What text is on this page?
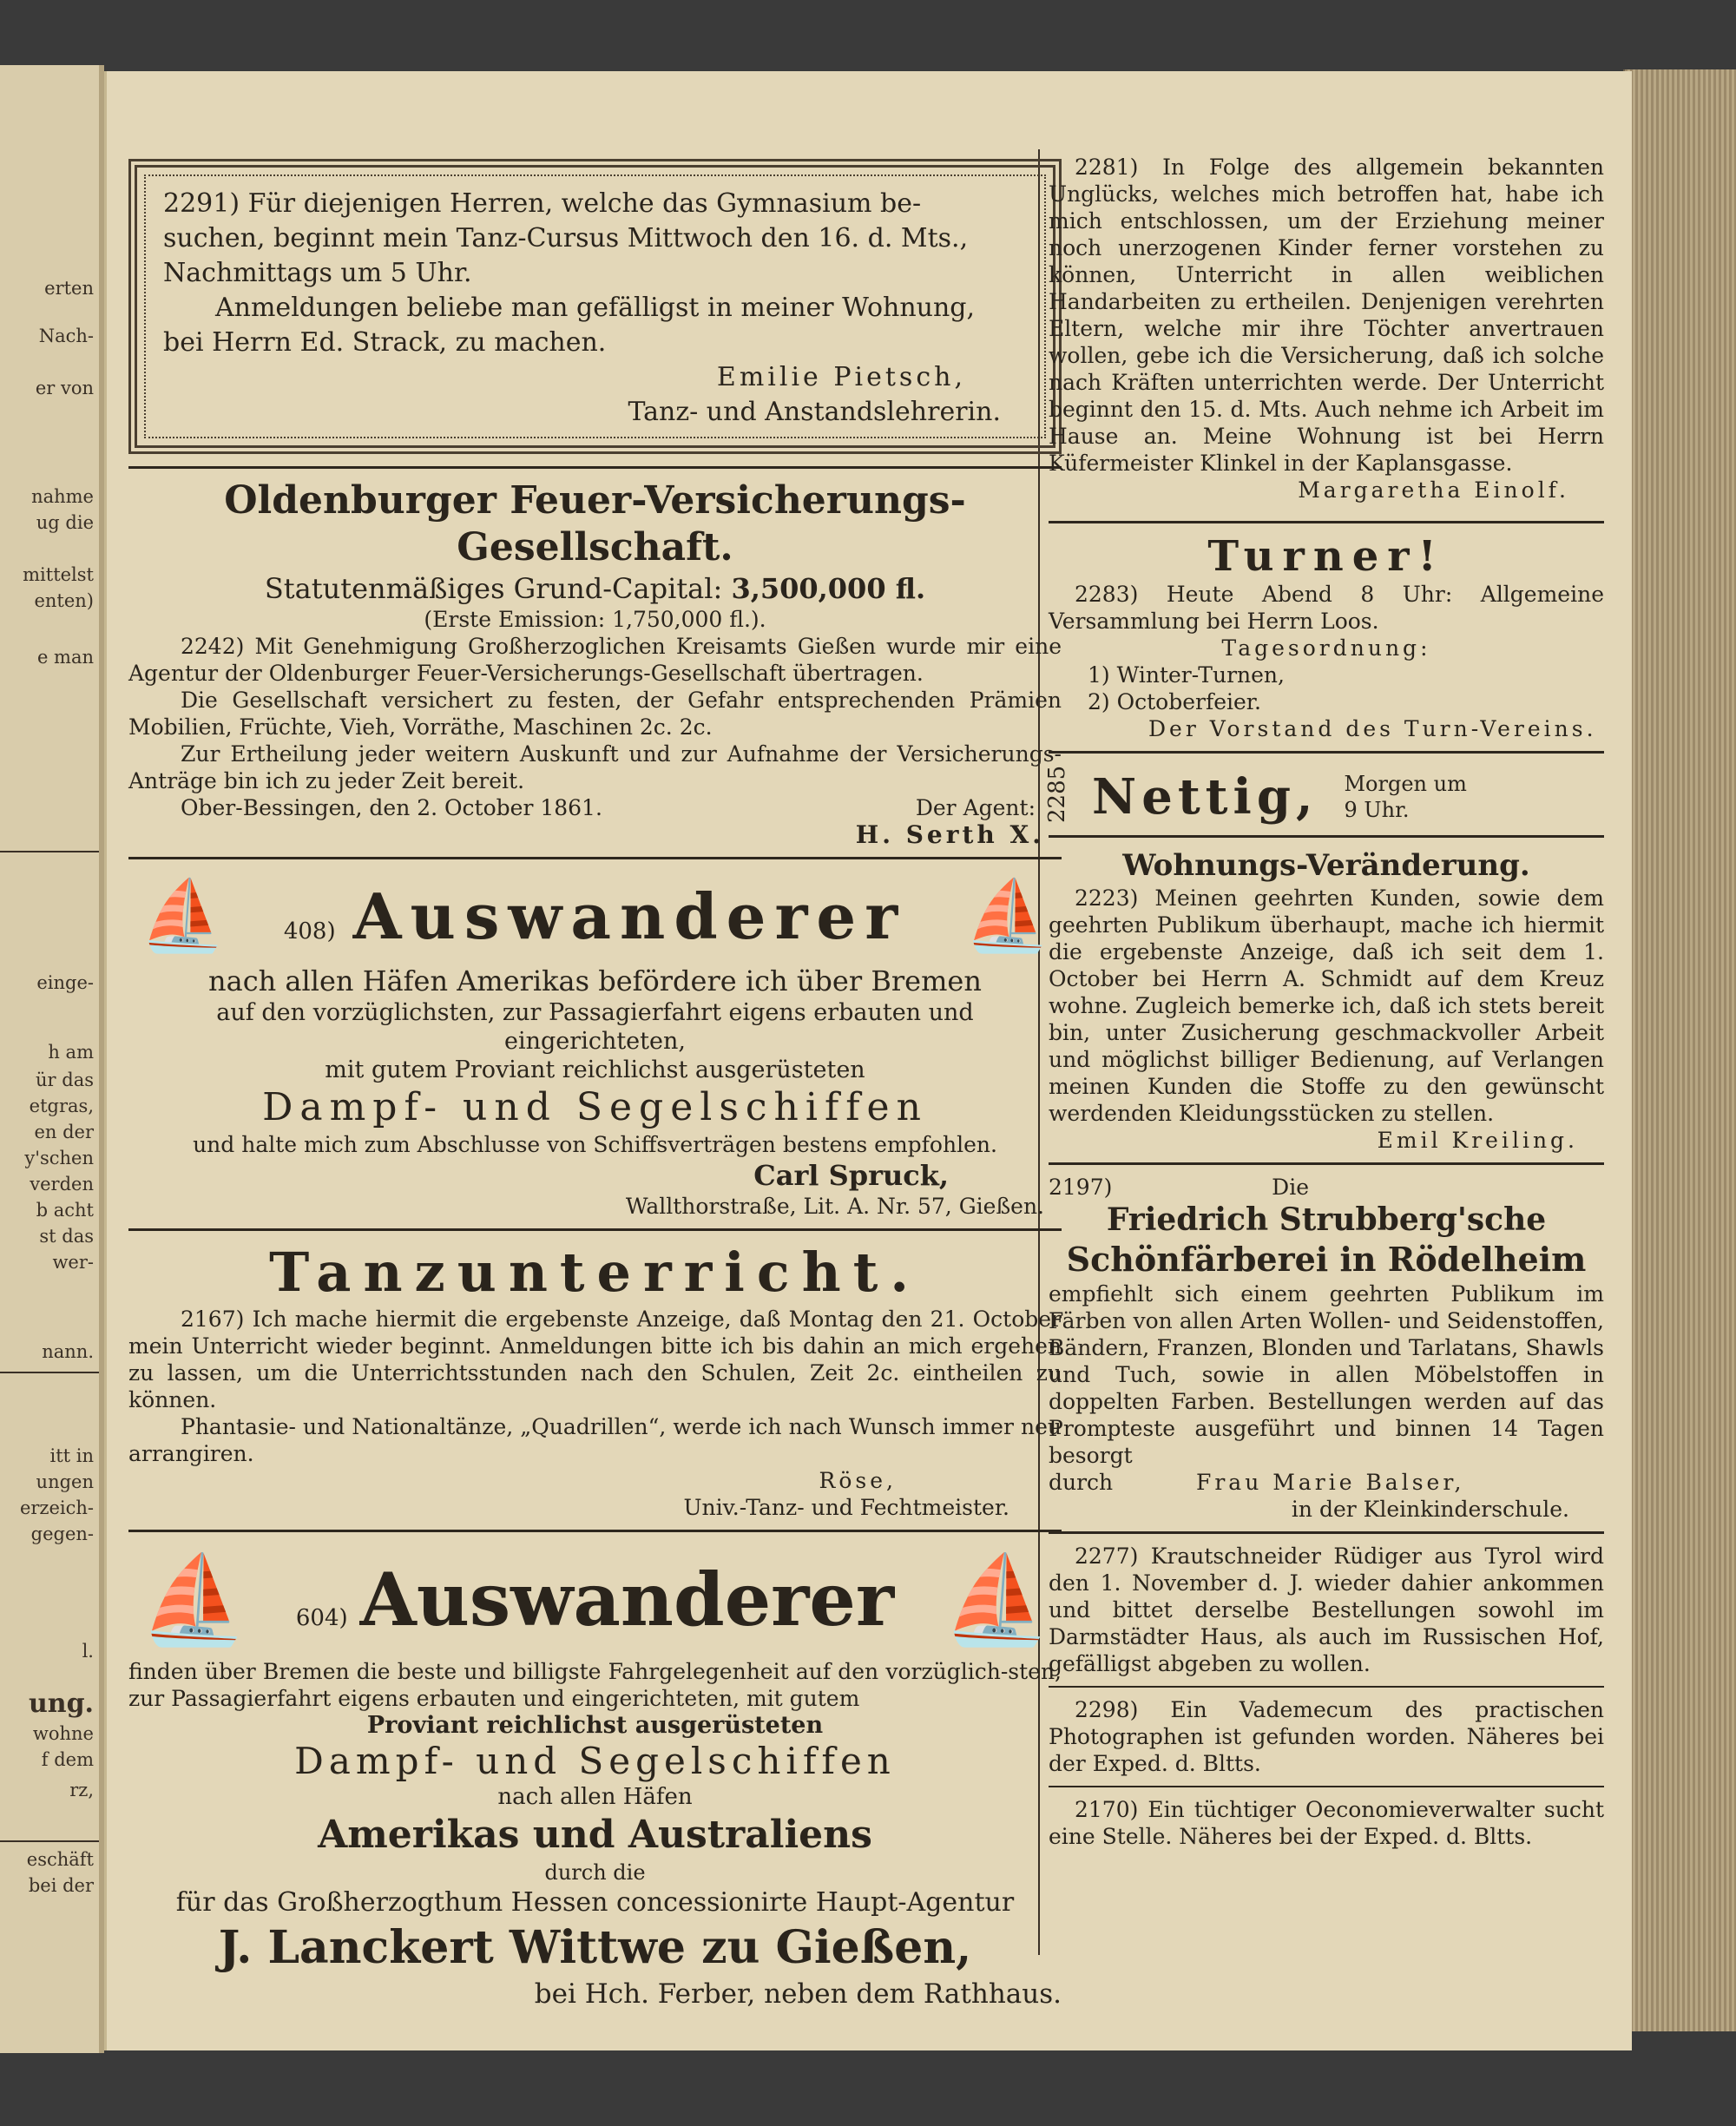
erten
Nach-
er von
nahme
ug die
mittelst
enten)
e man
einge-
h am
ür das
etgras,
en der
y'schen
verden
b acht
st das
wer-
nann.
itt in
ungen
erzeich-
gegen-
l.
ung.
wohne
f dem
rz,
eschäft
bei der

2291) Für diejenigen Herren, welche das Gymnasium be-

suchen, beginnt mein Tanz-Cursus Mittwoch den 16. d. Mts.,

Nachmittags um 5 Uhr.

Anmeldungen beliebe man gefälligst in meiner Wohnung,

bei Herrn Ed. Strack, zu machen.

Emilie Pietsch,

Tanz- und Anstandslehrerin.

Oldenburger Feuer-Versicherungs-Gesellschaft.
Statutenmäßiges Grund-Capital: 3,500,000 fl.

(Erste Emission: 1,750,000 fl.).

2242) Mit Genehmigung Großherzoglichen Kreisamts Gießen wurde mir eine Agentur der Oldenburger Feuer-Versicherungs-Gesellschaft übertragen.

Die Gesellschaft versichert zu festen, der Gefahr entsprechenden Prämien Mobilien, Früchte, Vieh, Vorräthe, Maschinen 2c. 2c.

Zur Ertheilung jeder weitern Auskunft und zur Aufnahme der Versicherungs-Anträge bin ich zu jeder Zeit bereit.

Ober-Bessingen, den 2. October 1861.	Der Agent:

H. Serth X.

⛵	408) Auswanderer ⛵

nach allen Häfen Amerikas befördere ich über Bremen

auf den vorzüglichsten, zur Passagierfahrt eigens erbauten und eingerichteten,

mit gutem Proviant reichlichst ausgerüsteten

Dampf- und Segelschiffen

und halte mich zum Abschlusse von Schiffsverträgen bestens empfohlen.

Carl Spruck,

Wallthorstraße, Lit. A. Nr. 57, Gießen.

Tanzunterricht.

2167) Ich mache hiermit die ergebenste Anzeige, daß Montag den 21. October mein Unterricht wieder beginnt. Anmeldungen bitte ich bis dahin an mich ergehen zu lassen, um die Unterrichtsstunden nach den Schulen, Zeit 2c. eintheilen zu können.

Phantasie- und Nationaltänze, „Quadrillen“, werde ich nach Wunsch immer neu arrangiren.

Röse,

Univ.-Tanz- und Fechtmeister.

⛵	604) Auswanderer ⛵

finden über Bremen die beste und billigste Fahrgelegenheit auf den vorzüglich-sten, zur Passagierfahrt eigens erbauten und eingerichteten, mit gutem

Proviant reichlichst ausgerüsteten

Dampf- und Segelschiffen

nach allen Häfen

Amerikas und Australiens

durch die

für das Großherzogthum Hessen concessionirte Haupt-Agentur

J. Lanckert Wittwe zu Gießen,

bei Hch. Ferber, neben dem Rathhaus.

2281) In Folge des allgemein bekannten Unglücks, welches mich betroffen hat, habe ich mich entschlossen, um der Erziehung meiner noch unerzogenen Kinder ferner vorstehen zu können, Unterricht in allen weiblichen Handarbeiten zu ertheilen. Denjenigen verehrten Eltern, welche mir ihre Töchter anvertrauen wollen, gebe ich die Versicherung, daß ich solche nach Kräften unterrichten werde. Der Unterricht beginnt den 15. d. Mts. Auch nehme ich Arbeit im Hause an. Meine Wohnung ist bei Herrn Küfermeister Klinkel in der Kaplansgasse.

Margaretha Einolf.

Turner!

2283) Heute Abend 8 Uhr: Allgemeine Versammlung bei Herrn Loos.

Tagesordnung:

1) Winter-Turnen,

2) Octoberfeier.

Der Vorstand des Turn-Vereins.

2285 Nettig, Morgen um 9 Uhr.
Wohnungs-Veränderung.

2223) Meinen geehrten Kunden, sowie dem geehrten Publikum überhaupt, mache ich hiermit die ergebenste Anzeige, daß ich seit dem 1. October bei Herrn A. Schmidt auf dem Kreuz wohne. Zugleich bemerke ich, daß ich stets bereit bin, unter Zusicherung geschmackvoller Arbeit und möglichst billiger Bedienung, auf Verlangen meinen Kunden die Stoffe zu den gewünscht werdenden Kleidungsstücken zu stellen.

Emil Kreiling.

2197)	Die
Friedrich Strubberg'sche
Schönfärberei in Rödelheim

empfiehlt sich einem geehrten Publikum im Färben von allen Arten Wollen- und Seidenstoffen, Bändern, Franzen, Blonden und Tarlatans, Shawls und Tuch, sowie in allen Möbelstoffen in doppelten Farben. Bestellungen werden auf das Prompteste ausgeführt und binnen 14 Tagen besorgt

durch	Frau Marie Balser,

in der Kleinkinderschule.

2277) Krautschneider Rüdiger aus Tyrol wird den 1. November d. J. wieder dahier ankommen und bittet derselbe Bestellungen sowohl im Darmstädter Haus, als auch im Russischen Hof, gefälligst abgeben zu wollen.

2298) Ein Vademecum des practischen Photographen ist gefunden worden. Näheres bei der Exped. d. Bltts.

2170) Ein tüchtiger Oeconomieverwalter sucht eine Stelle. Näheres bei der Exped. d. Bltts.
